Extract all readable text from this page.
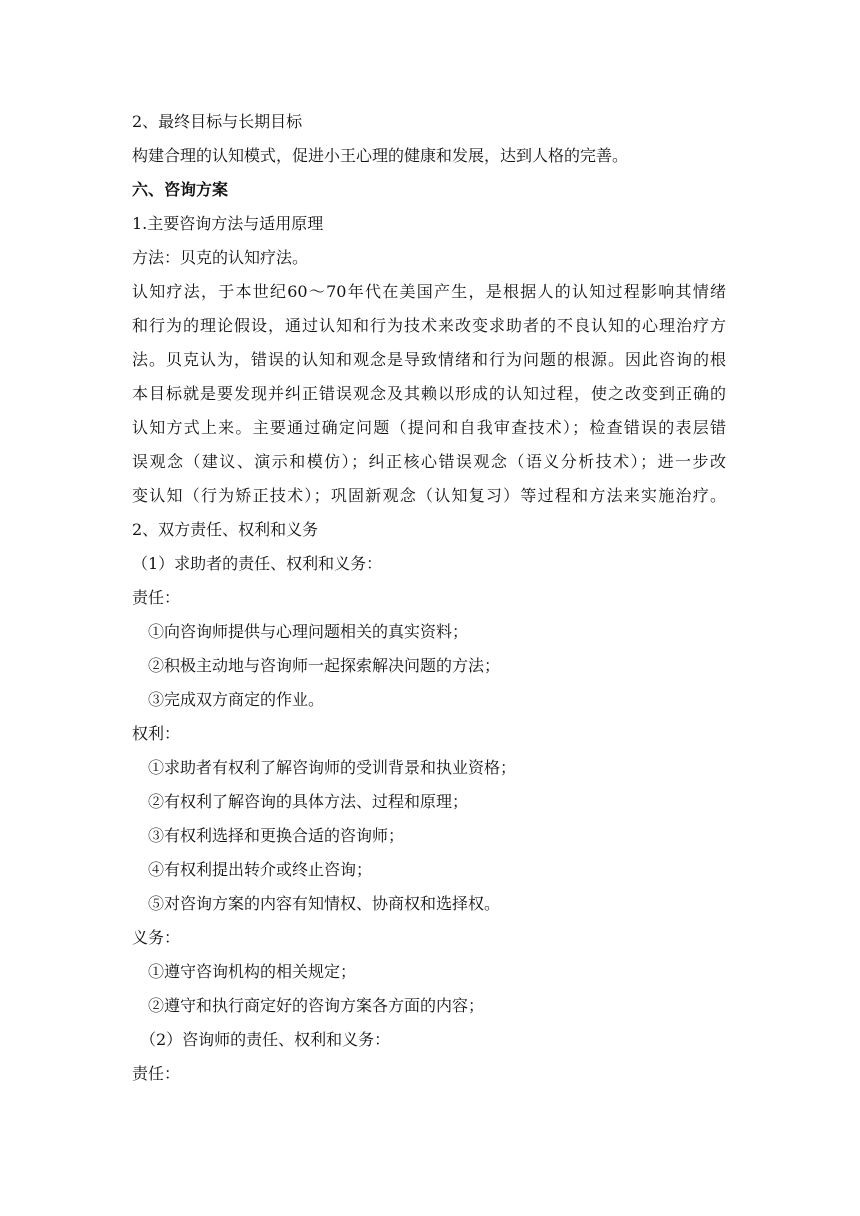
2、最终目标与长期目标
构建合理的认知模式，促进小王心理的健康和发展，达到人格的完善。
六、咨询方案
1.主要咨询方法与适用原理
方法：贝克的认知疗法。
认知疗法，于本世纪60～70年代在美国产生，是根据人的认知过程影响其情绪
和行为的理论假设，通过认知和行为技术来改变求助者的不良认知的心理治疗方
法。贝克认为，错误的认知和观念是导致情绪和行为问题的根源。因此咨询的根
本目标就是要发现并纠正错误观念及其赖以形成的认知过程，使之改变到正确的
认知方式上来。主要通过确定问题（提问和自我审查技术）；检查错误的表层错
误观念（建议、演示和模仿）；纠正核心错误观念（语义分析技术）；进一步改
变认知（行为矫正技术）；巩固新观念（认知复习）等过程和方法来实施治疗。
2、双方责任、权利和义务
（1）求助者的责任、权利和义务：
责任：
①向咨询师提供与心理问题相关的真实资料；
②积极主动地与咨询师一起探索解决问题的方法；
③完成双方商定的作业。
权利：
①求助者有权利了解咨询师的受训背景和执业资格；
②有权利了解咨询的具体方法、过程和原理；
③有权利选择和更换合适的咨询师；
④有权利提出转介或终止咨询；
⑤对咨询方案的内容有知情权、协商权和选择权。
义务：
①遵守咨询机构的相关规定；
②遵守和执行商定好的咨询方案各方面的内容；
（2）咨询师的责任、权利和义务：
责任：
